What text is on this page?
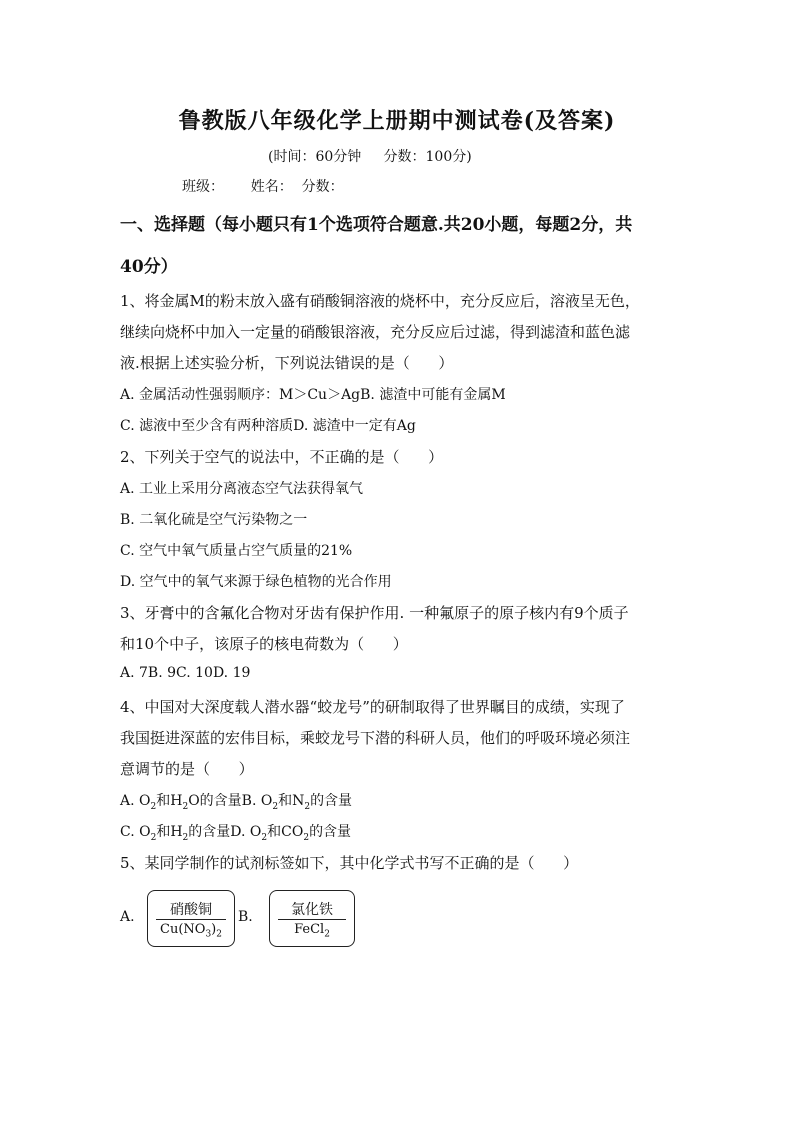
鲁教版八年级化学上册期中测试卷(及答案)
(时间：60分钟     分数：100分)
班级：      姓名：  分数：
一、选择题（每小题只有1个选项符合题意.共20小题，每题2分，共
40分）
1、将金属M的粉末放入盛有硝酸铜溶液的烧杯中，充分反应后，溶液呈无色，
继续向烧杯中加入一定量的硝酸银溶液，充分反应后过滤，得到滤渣和蓝色滤
液.根据上述实验分析，下列说法错误的是（      ）
A. 金属活动性强弱顺序：M＞Cu＞AgB. 滤渣中可能有金属M
C. 滤液中至少含有两种溶质D. 滤渣中一定有Ag
2、下列关于空气的说法中，不正确的是（      ）
A. 工业上采用分离液态空气法获得氧气
B. 二氧化硫是空气污染物之一
C. 空气中氧气质量占空气质量的21%
D. 空气中的氧气来源于绿色植物的光合作用
3、牙膏中的含氟化合物对牙齿有保护作用. 一种氟原子的原子核内有9个质子
和10个中子，该原子的核电荷数为（      ）
A. 7B. 9C. 10D. 19
4、中国对大深度载人潜水器“蛟龙号”的研制取得了世界瞩目的成绩，实现了
我国挺进深蓝的宏伟目标，乘蛟龙号下潜的科研人员，他们的呼吸环境必须注
意调节的是（      ）
A. $O_2$和$H_2O$的含量B. $O_2$和$N_2$的含量
C. $O_2$和$H_2$的含量D. $O_2$和$CO_2$的含量
5、某同学制作的试剂标签如下，其中化学式书写不正确的是（      ）
A.	硝酸铜
$Cu(NO_3)_2$
B.	氯化铁
FeCl$_2$
